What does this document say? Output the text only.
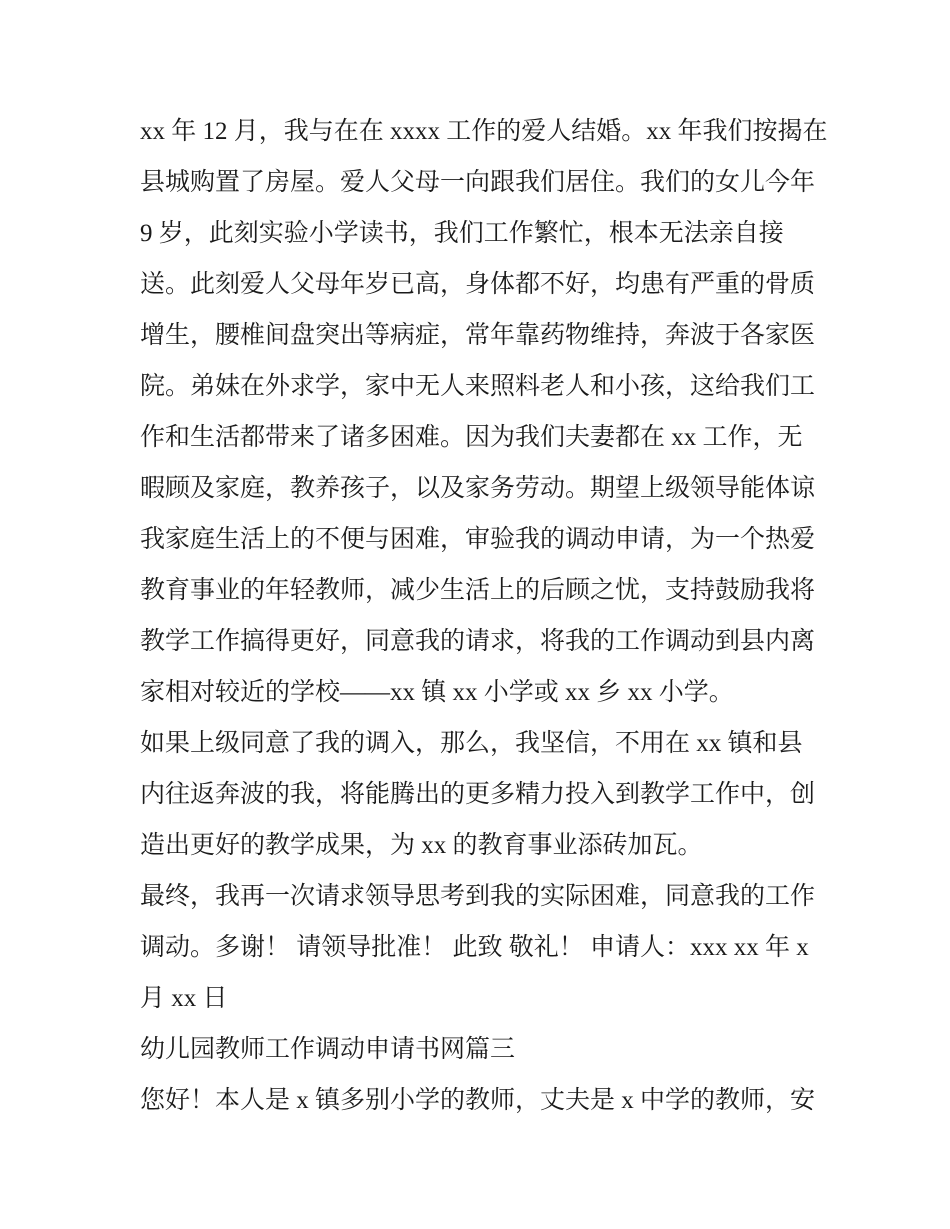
xx 年 12 月，我与在在 xxxx 工作的爱人结婚。xx 年我们按揭在
县城购置了房屋。爱人父母一向跟我们居住。我们的女儿今年
9 岁，此刻实验小学读书，我们工作繁忙，根本无法亲自接
送。此刻爱人父母年岁已高，身体都不好，均患有严重的骨质
增生，腰椎间盘突出等病症，常年靠药物维持，奔波于各家医
院。弟妹在外求学，家中无人来照料老人和小孩，这给我们工
作和生活都带来了诸多困难。因为我们夫妻都在 xx 工作，无
暇顾及家庭，教养孩子，以及家务劳动。期望上级领导能体谅
我家庭生活上的不便与困难，审验我的调动申请，为一个热爱
教育事业的年轻教师，减少生活上的后顾之忧，支持鼓励我将
教学工作搞得更好，同意我的请求，将我的工作调动到县内离
家相对较近的学校——xx 镇 xx 小学或 xx 乡 xx 小学。
如果上级同意了我的调入，那么，我坚信，不用在 xx 镇和县
内往返奔波的我，将能腾出的更多精力投入到教学工作中，创
造出更好的教学成果，为 xx 的教育事业添砖加瓦。
最终，我再一次请求领导思考到我的实际困难，同意我的工作
调动。多谢！ 请领导批准！ 此致 敬礼！ 申请人：xxx xx 年 x
月 xx 日
幼儿园教师工作调动申请书网篇三
您好！本人是 x 镇多别小学的教师，丈夫是 x 中学的教师，安
